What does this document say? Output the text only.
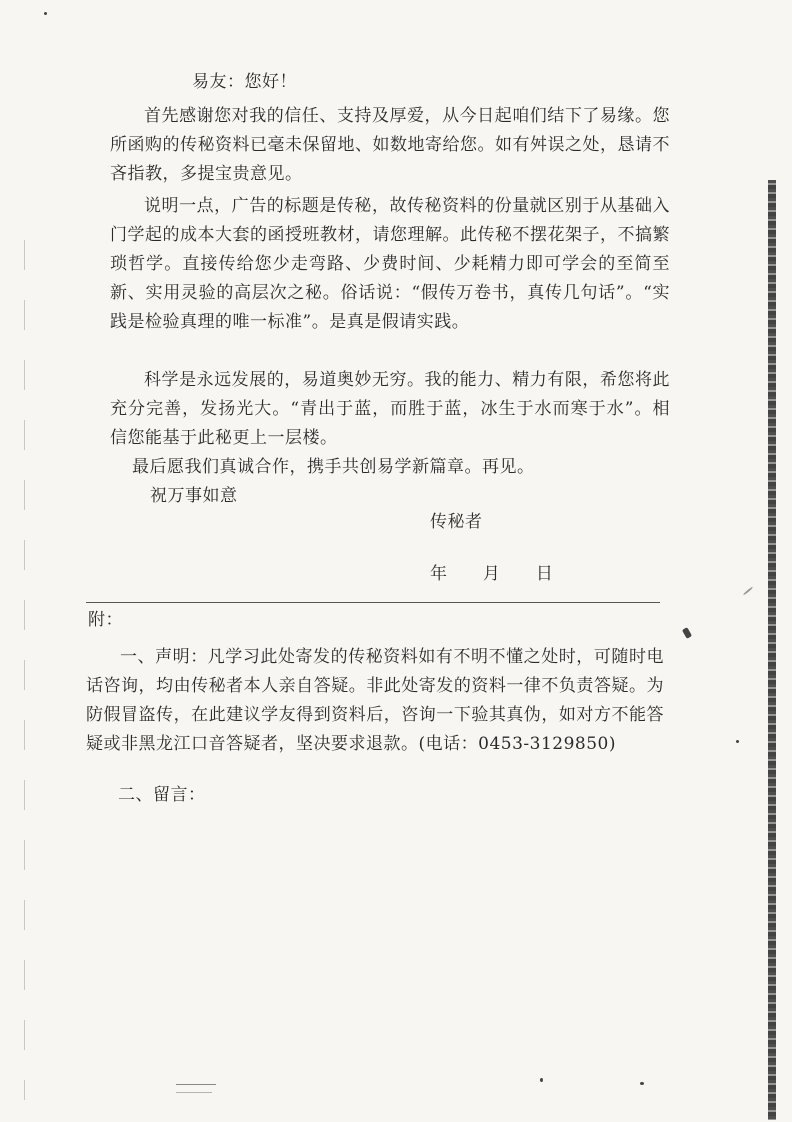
易友：您好！

首先感谢您对我的信任、支持及厚爱，从今日起咱们结下了易缘。您所函购的传秘资料已毫未保留地、如数地寄给您。如有舛误之处，恳请不吝指教，多提宝贵意见。

说明一点，广告的标题是传秘，故传秘资料的份量就区别于从基础入门学起的成本大套的函授班教材，请您理解。此传秘不摆花架子，不搞繁琐哲学。直接传给您少走弯路、少费时间、少耗精力即可学会的至简至新、实用灵验的高层次之秘。俗话说：“假传万卷书，真传几句话”。“实践是检验真理的唯一标准”。是真是假请实践。

科学是永远发展的，易道奥妙无穷。我的能力、精力有限，希您将此充分完善，发扬光大。“青出于蓝，而胜于蓝，冰生于水而寒于水”。相信您能基于此秘更上一层楼。

最后愿我们真诚合作，携手共创易学新篇章。再见。

祝万事如意
传秘者
年      月      日
附：

一、声明：凡学习此处寄发的传秘资料如有不明不懂之处时，可随时电话咨询，均由传秘者本人亲自答疑。非此处寄发的资料一律不负责答疑。为防假冒盗传，在此建议学友得到资料后，咨询一下验其真伪，如对方不能答疑或非黑龙江口音答疑者，坚决要求退款。(电话：0453-3129850)

二、留言：
